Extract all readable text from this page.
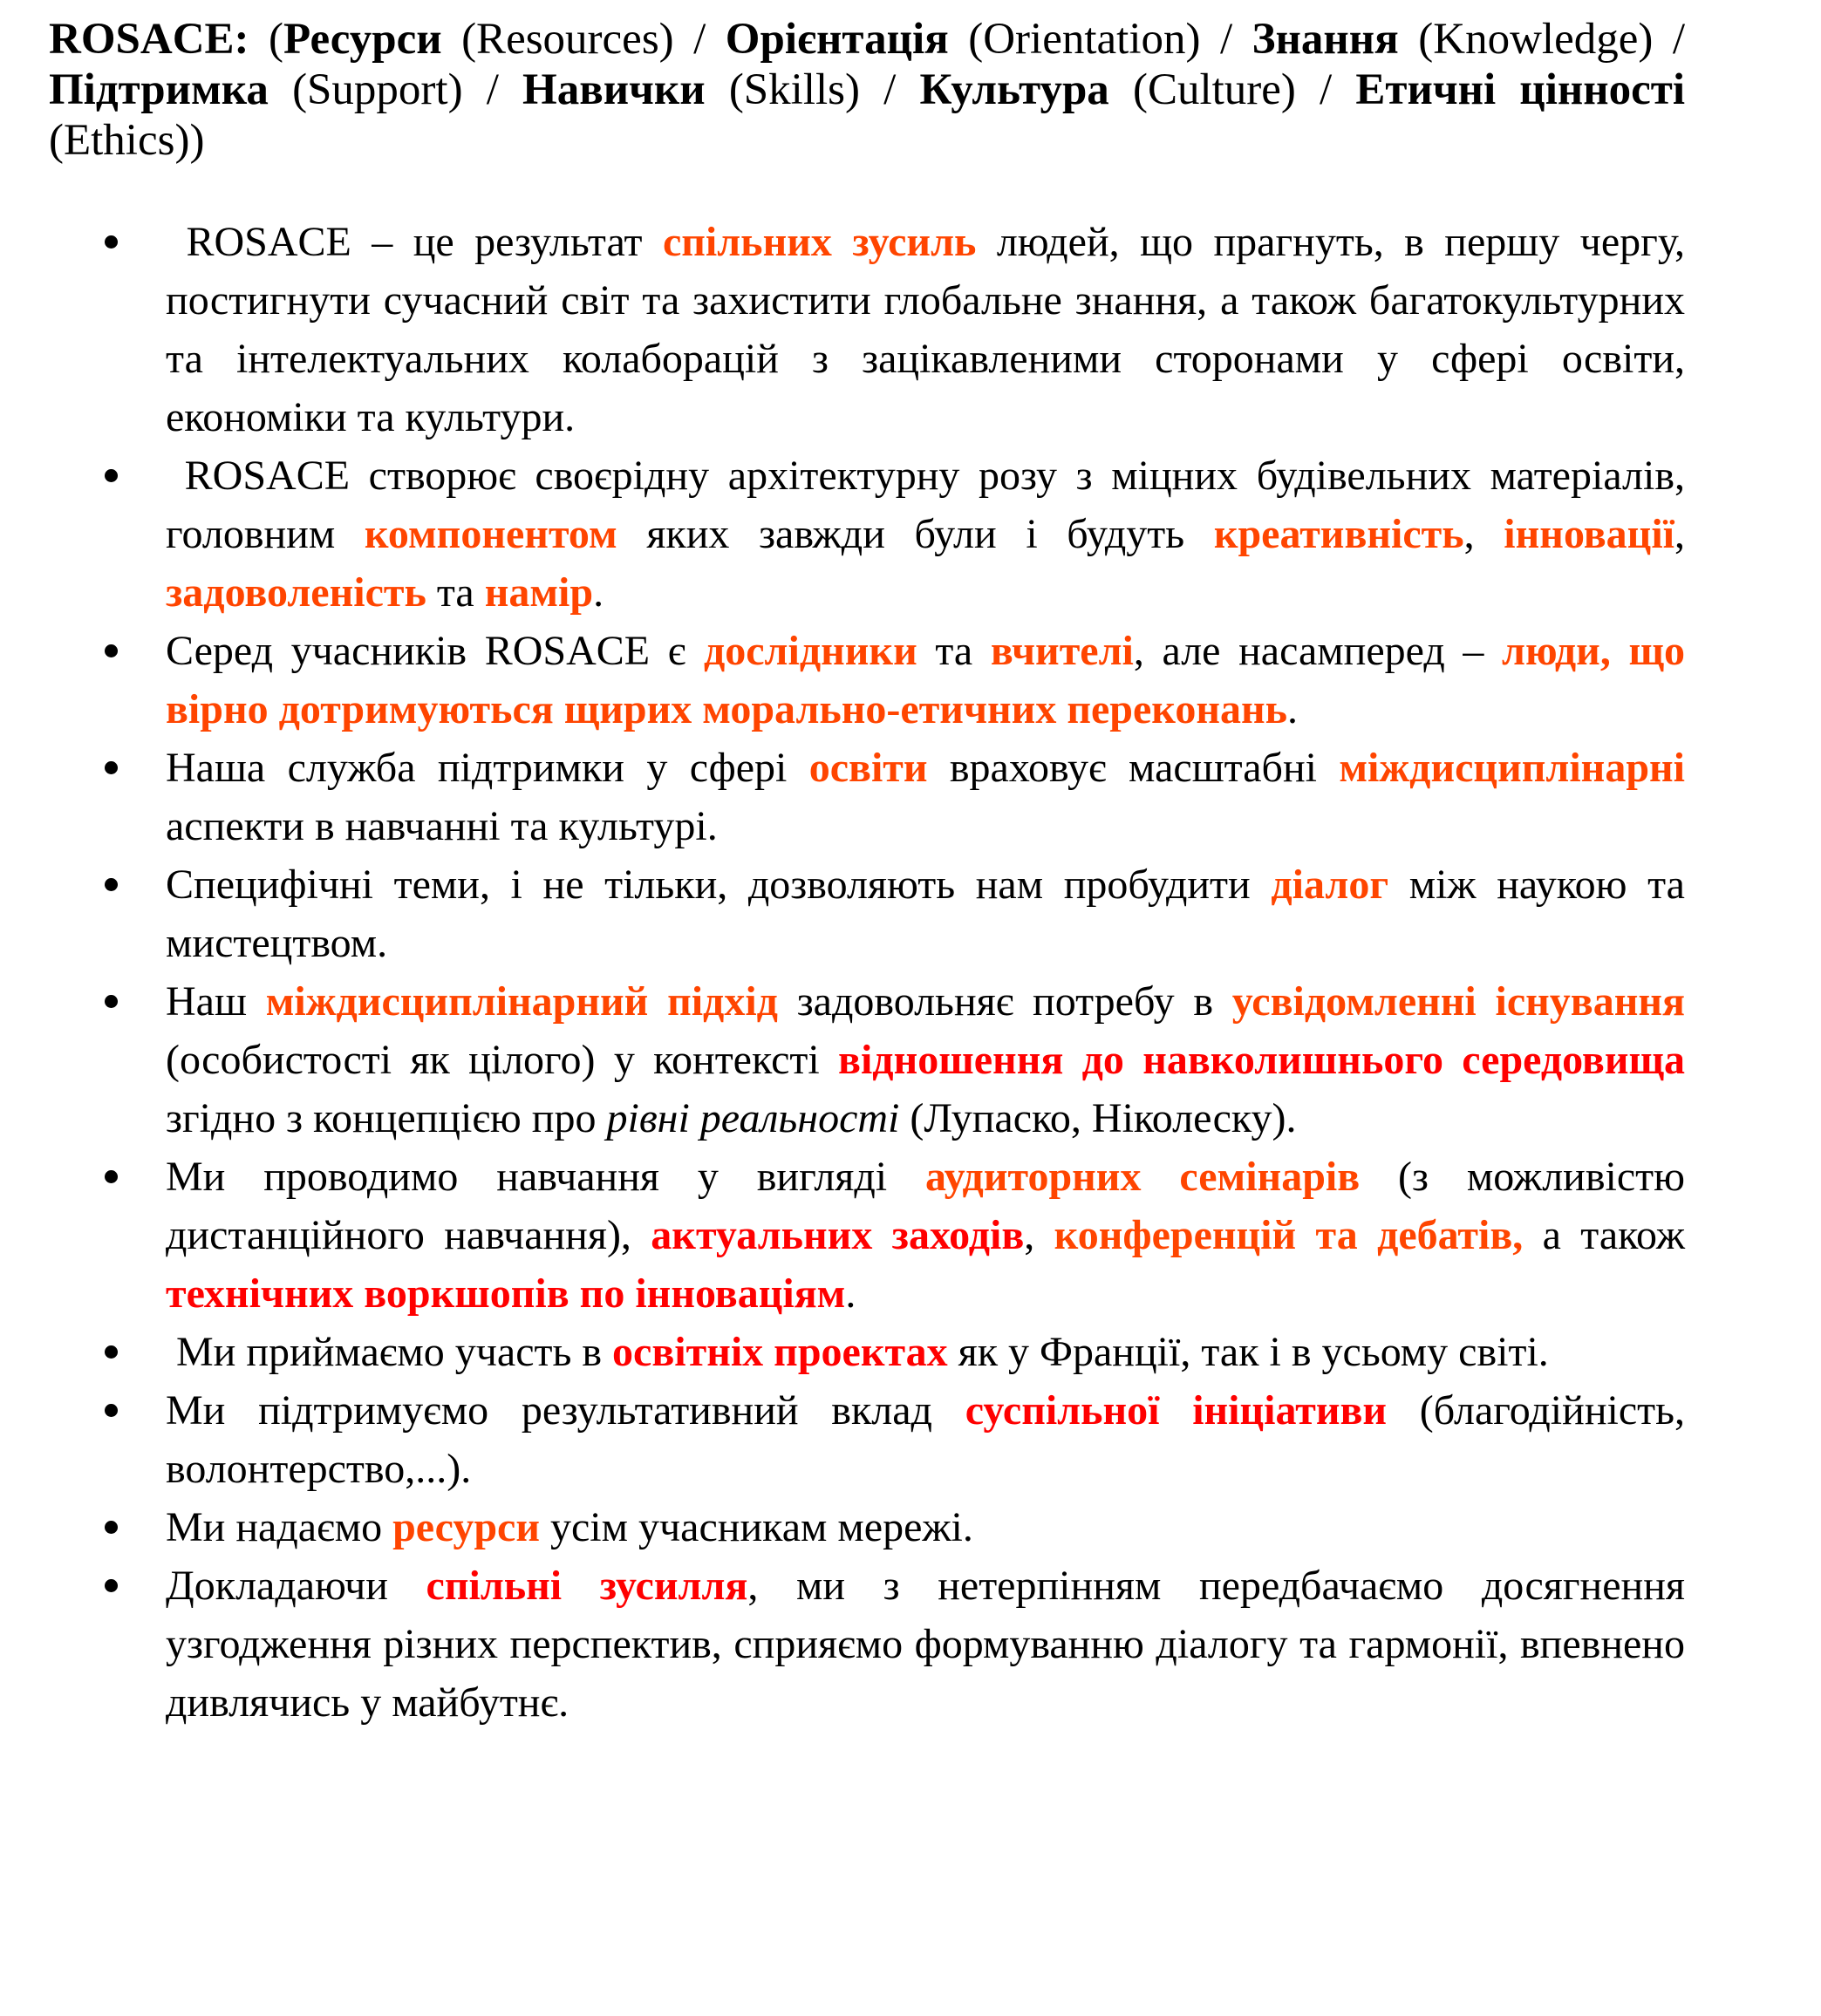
ROSACE: (Ресурси (Resources) / Орієнтація (Orientation) / Знання (Knowledge) / Підтримка (Support) / Навички (Skills) / Культура (Culture) / Етичні цінності (Ethics))

ROSACE – це результат спільних зусиль людей, що прагнуть, в першу чергу, постигнути сучасний світ та захистити глобальне знання, а також багатокультурних та інтелектуальних колаборацій з зацікавленими сторонами у сфері освіти, економіки та культури.
ROSACE створює своєрідну архітектурну розу з міцних будівельних матеріалів, головним компонентом яких завжди були і будуть креативність, інновації, задоволеність та намір.
Серед учасників ROSACE є дослідники та вчителі, але насамперед – люди, що вірно дотримуються щирих морально-етичних переконань.
Наша служба підтримки у сфері освіти враховує масштабні міждисциплінарні аспекти в навчанні та культурі.
Специфічні теми, і не тільки, дозволяють нам пробудити діалог між наукою та мистецтвом.
Наш міждисциплінарний підхід задовольняє потребу в усвідомленні існування (особистості як цілого) у контексті відношення до навколишнього середовища згідно з концепцією про рівні реальності (Лупаско, Ніколеску).
Ми проводимо навчання у вигляді аудиторних семінарів (з можливістю дистанційного навчання), актуальних заходів, конференцій та дебатів, а також технічних воркшопів по інноваціям.
Ми приймаємо участь в освітніх проектах як у Франції, так і в усьому світі.
Ми підтримуємо результативний вклад суспільної ініціативи (благодійність, волонтерство,...).
Ми надаємо ресурси усім учасникам мережі.
Докладаючи спільні зусилля, ми з нетерпінням передбачаємо досягнення узгодження різних перспектив, сприяємо формуванню діалогу та гармонії, впевнено дивлячись у майбутнє.
